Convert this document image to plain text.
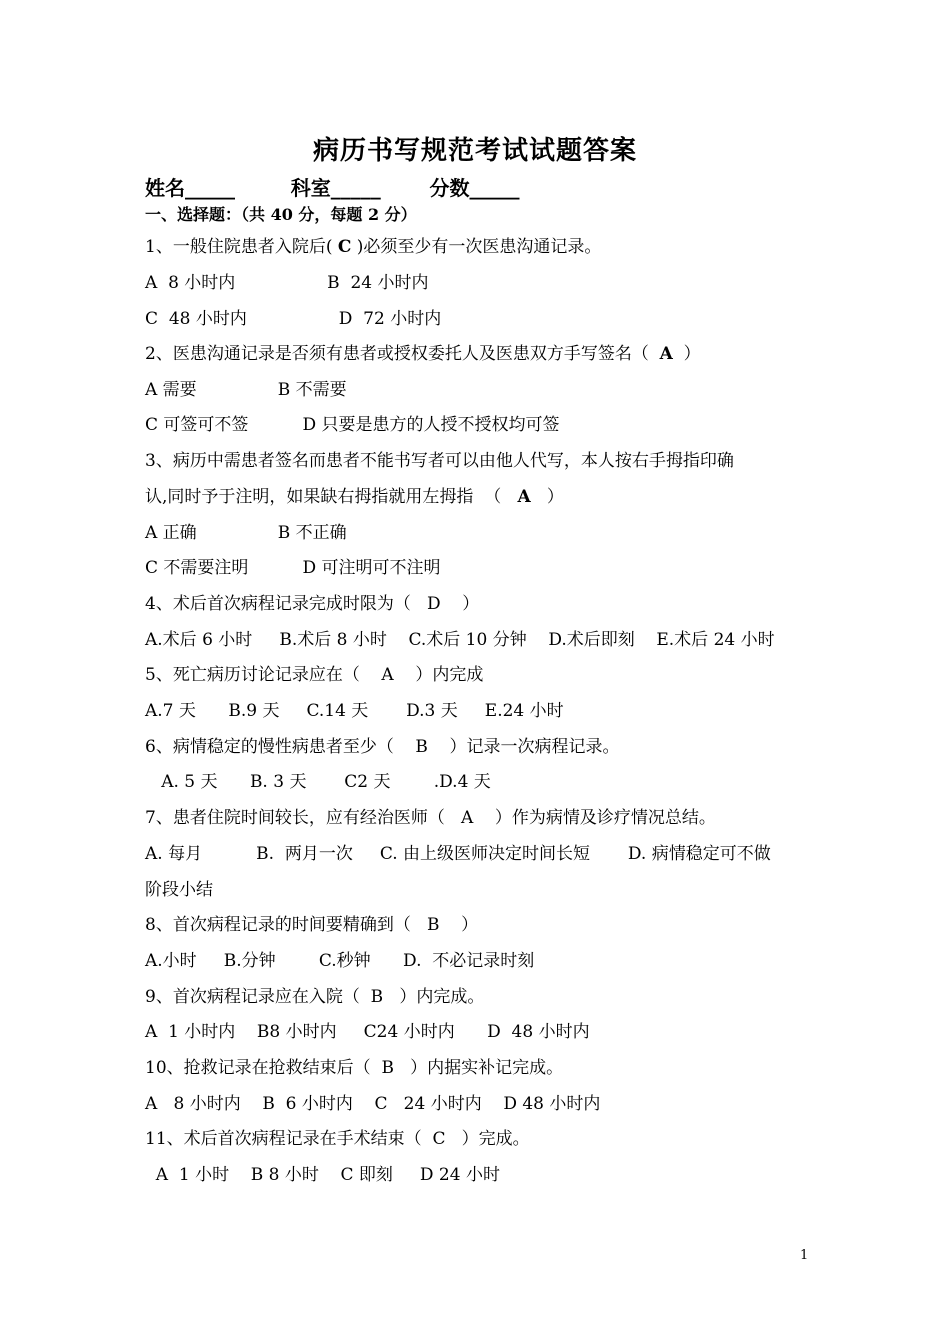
病历书写规范考试试题答案
姓名_____        科室_____       分数_____
一、选择题：（共 40 分，每题 2 分）
1、一般住院患者入院后( C )必须至少有一次医患沟通记录。
A  8 小时内                 B  24 小时内
C  48 小时内                 D  72 小时内
2、医患沟通记录是否须有患者或授权委托人及医患双方手写签名（  A  ）
A 需要               B 不需要
C 可签可不签          D 只要是患方的人授不授权均可签
3、病历中需患者签名而患者不能书写者可以由他人代写，本人按右手拇指印确
认,同时予于注明，如果缺右拇指就用左拇指  （   A   ）
A 正确               B 不正确
C 不需要注明          D 可注明可不注明
4、术后首次病程记录完成时限为（   D    ）
A.术后 6 小时     B.术后 8 小时    C.术后 10 分钟    D.术后即刻    E.术后 24 小时
5、死亡病历讨论记录应在（    A    ）内完成
A.7 天      B.9 天     C.14 天       D.3 天     E.24 小时
6、病情稳定的慢性病患者至少（    B    ）记录一次病程记录。
A. 5 天      B. 3 天       C2 天        .D.4 天
7、患者住院时间较长，应有经治医师（   A    ）作为病情及诊疗情况总结。
A. 每月          B.  两月一次     C. 由上级医师决定时间长短       D. 病情稳定可不做
阶段小结
8、首次病程记录的时间要精确到（   B    ）
A.小时     B.分钟        C.秒钟      D.  不必记录时刻
9、首次病程记录应在入院（  B   ）内完成。
A  1 小时内    B8 小时内     C24 小时内      D  48 小时内
10、抢救记录在抢救结束后（  B   ）内据实补记完成。
A   8 小时内    B  6 小时内    C   24 小时内    D 48 小时内
11、术后首次病程记录在手术结束（  C   ）完成。
A  1 小时    B 8 小时    C 即刻     D 24 小时
1
